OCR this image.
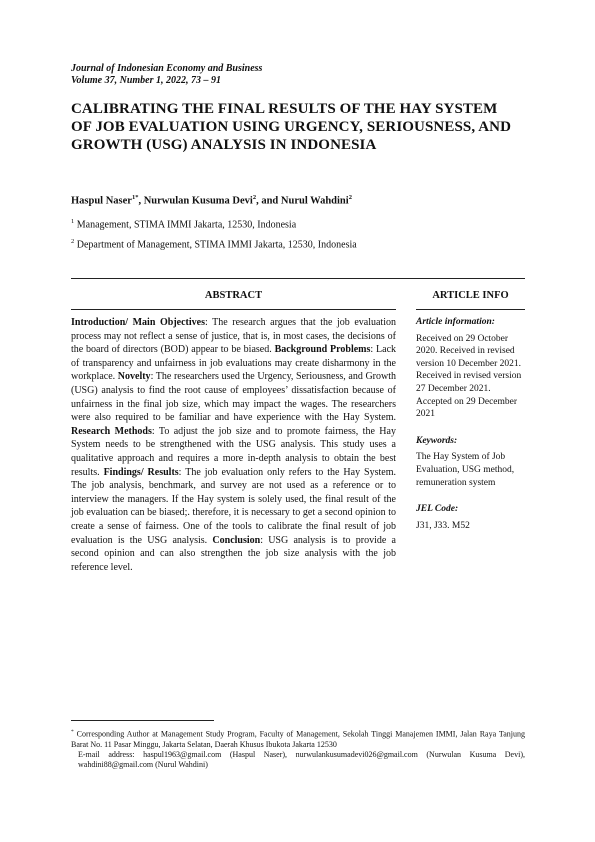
Journal of Indonesian Economy and Business
Volume 37, Number 1, 2022, 73 – 91
CALIBRATING THE FINAL RESULTS OF THE HAY SYSTEM OF JOB EVALUATION USING URGENCY, SERIOUSNESS, AND GROWTH (USG) ANALYSIS IN INDONESIA
Haspul Naser$^{1*}$, Nurwulan Kusuma Devi$^2$, and Nurul Wahdini$^2$
$^1$ Management, STIMA IMMI Jakarta, 12530, Indonesia
$^2$ Department of Management, STIMA IMMI Jakarta, 12530, Indonesia
ABSTRACT	ARTICLE INFO
Introduction/ Main Objectives: The research argues that the job evaluation process may not reflect a sense of justice, that is, in most cases, the decisions of the board of directors (BOD) appear to be biased. Background Problems: Lack of transparency and unfairness in job evaluations may create disharmony in the workplace. Novelty: The researchers used the Urgency, Seriousness, and Growth (USG) analysis to find the root cause of employees’ dissatisfaction because of unfairness in the final job size, which may impact the wages. The researchers were also required to be familiar and have experience with the Hay System. Research Methods: To adjust the job size and to promote fairness, the Hay System needs to be strengthened with the USG analysis. This study uses a qualitative approach and requires a more in-depth analysis to obtain the best results. Findings/ Results: The job evaluation only refers to the Hay System. The job analysis, benchmark, and survey are not used as a reference or to interview the managers. If the Hay system is solely used, the final result of the job evaluation can be biased;. therefore, it is necessary to get a second opinion to create a sense of fairness. One of the tools to calibrate the final result of job evaluation is the USG analysis. Conclusion: USG analysis is to provide a second opinion and can also strengthen the job size analysis with the job reference level.
Article information:
Received on 29 October 2020. Received in revised version 10 December 2021. Received in revised version 27 December 2021. Accepted on 29 December 2021
Keywords:
The Hay System of Job Evaluation, USG method, remuneration system
JEL Code:
J31, J33. M52
* Corresponding Author at Management Study Program, Faculty of Management, Sekolah Tinggi Manajemen IMMI, Jalan Raya Tanjung Barat No. 11 Pasar Minggu, Jakarta Selatan, Daerah Khusus Ibukota Jakarta 12530
E-mail address: haspul1963@gmail.com (Haspul Naser), nurwulankusumadevi026@gmail.com (Nurwulan Kusuma Devi), wahdini88@gmail.com (Nurul Wahdini)
